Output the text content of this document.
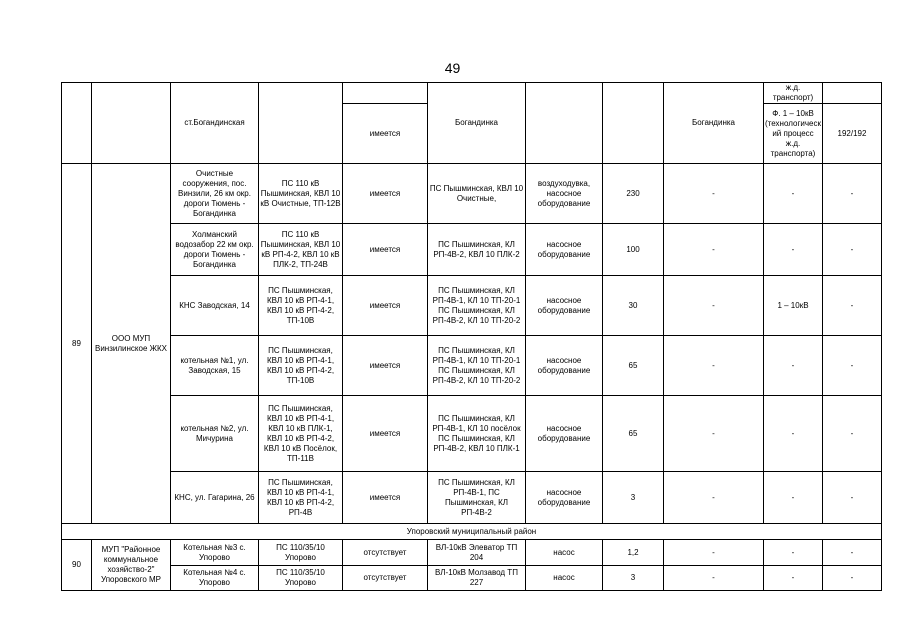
49
		ст.Богандинская			Богандинка			Богандинка	ж.д. транспорт)	
				имеется					Ф. 1 – 10кВ (технологический процесс ж.д. транспорта)	192/192
89	ООО МУП Винзилинское ЖКХ	Очистные сооружения, пос. Винзили, 26 км окр. дороги Тюмень - Богандинка	ПС 110 кВ Пышминская, КВЛ 10 кВ Очистные, ТП-12В	имеется	ПС Пышминская, КВЛ 10 Очистные,	воздуходувка, насосное оборудование	230	-	-	-
		Холманский водозабор 22 км окр. дороги Тюмень - Богандинка	ПС 110 кВ Пышминская, КВЛ 10 кВ РП-4-2, КВЛ 10 кВ ПЛК-2, ТП-24В	имеется	ПС Пышминская, КЛ РП-4В-2, КВЛ 10 ПЛК-2	насосное оборудование	100	-	-	-
		КНС Заводская, 14	ПС Пышминская, КВЛ 10 кВ РП-4-1, КВЛ 10 кВ РП-4-2, ТП-10В	имеется	ПС Пышминская, КЛ РП-4В-1, КЛ 10 ТП-20-1 ПС Пышминская, КЛ РП-4В-2, КЛ 10 ТП-20-2	насосное оборудование	30	-	1 – 10кВ	-
		котельная №1, ул. Заводская, 15	ПС Пышминская, КВЛ 10 кВ РП-4-1, КВЛ 10 кВ РП-4-2, ТП-10В	имеется	ПС Пышминская, КЛ РП-4В-1, КЛ 10 ТП-20-1 ПС Пышминская, КЛ РП-4В-2, КЛ 10 ТП-20-2	насосное оборудование	65	-	-	-
		котельная №2, ул. Мичурина	ПС Пышминская, КВЛ 10 кВ РП-4-1, КВЛ 10 кВ ПЛК-1, КВЛ 10 кВ РП-4-2, КВЛ 10 кВ Посёлок, ТП-11В	имеется	ПС Пышминская, КЛ РП-4В-1, КЛ 10 посёлок ПС Пышминская, КЛ РП-4В-2, КВЛ 10 ПЛК-1	насосное оборудование	65	-	-	-
		КНС, ул. Гагарина, 26	ПС Пышминская, КВЛ 10 кВ РП-4-1, КВЛ 10 кВ РП-4-2, РП-4В	имеется	ПС Пышминская, КЛ РП-4В-1, ПС Пышминская, КЛ РП-4В-2	насосное оборудование	3	-	-	-
Упоровский муниципальный район										
90	МУП "Районное коммунальное хозяйство-2" Упоровского МР	Котельная №3 с. Упорово	ПС 110/35/10 Упорово	отсутствует	ВЛ-10кВ Элеватор ТП 204	насос	1,2	-	-	-
		Котельная №4 с. Упорово	ПС 110/35/10 Упорово	отсутствует	ВЛ-10кВ Молзавод ТП 227	насос	3	-	-	-
